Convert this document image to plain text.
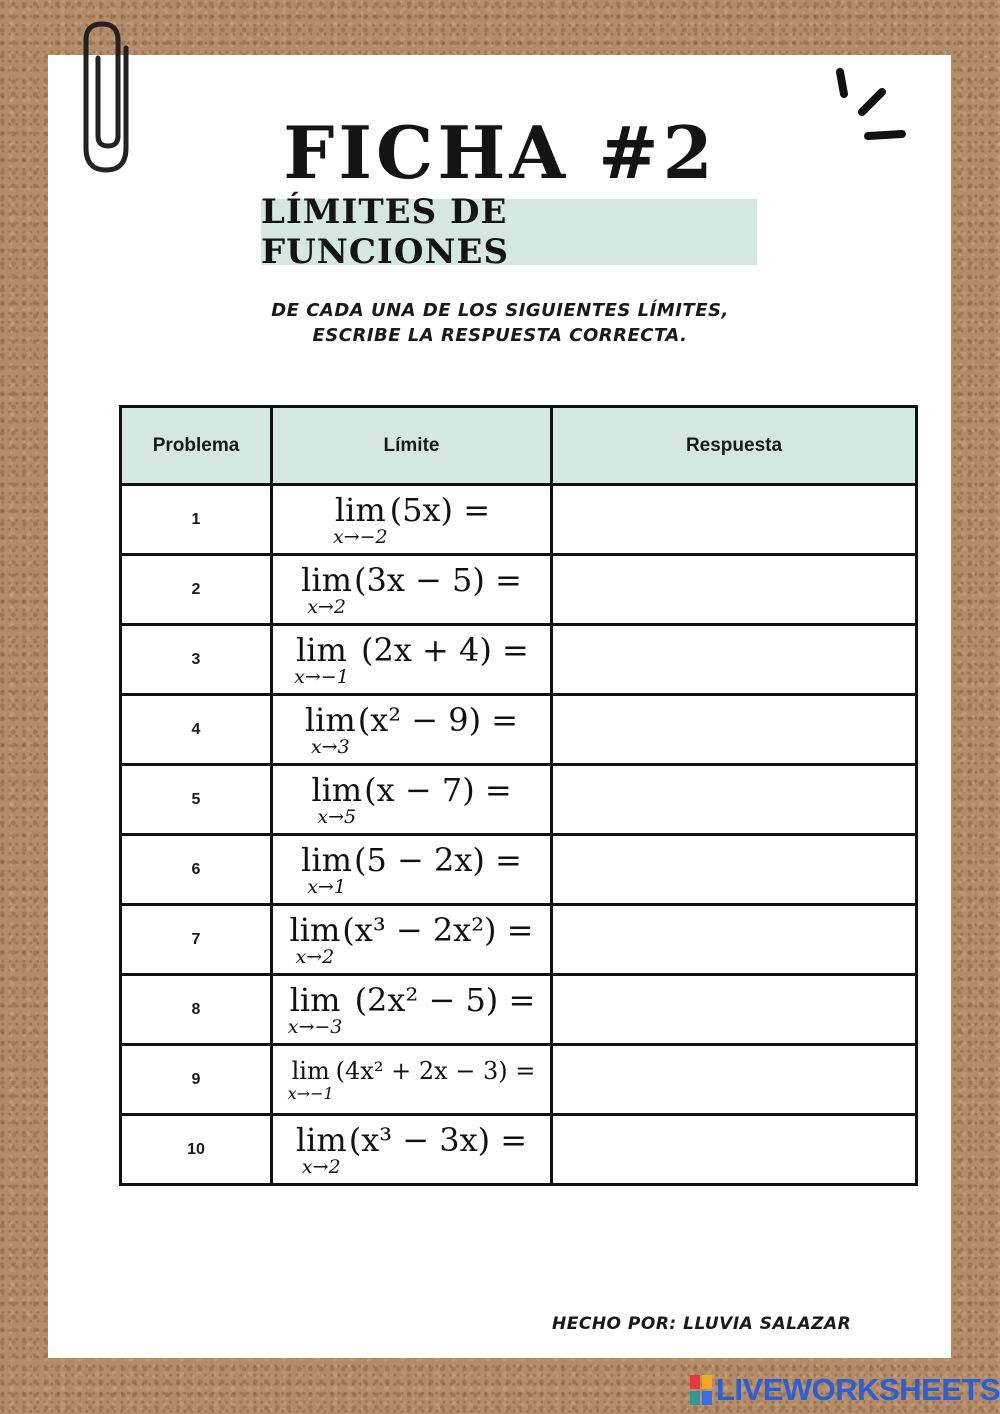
FICHA #2
LÍMITES DE FUNCIONES
DE CADA UNA DE LOS SIGUIENTES LÍMITES,
ESCRIBE LA RESPUESTA CORRECTA.
Problema	Límite	Respuesta
1	lim
x→−2
(5x) =	

2	lim
x→2
(3x − 5) =	

3	lim
x→−1
(2x + 4) =	

4	lim
x→3
(x² − 9) =	

5	lim
x→5
(x − 7) =	

6	lim
x→1
(5 − 2x) =	

7	lim
x→2
(x³ − 2x²) =	

8	lim
x→−3
(2x² − 5) =	

9	lim
x→−1
(4x² + 2x − 3) =	

10	lim
x→2
(x³ − 3x) =	

HECHO POR: LLUVIA SALAZAR
LIVEWORKSHEETS
